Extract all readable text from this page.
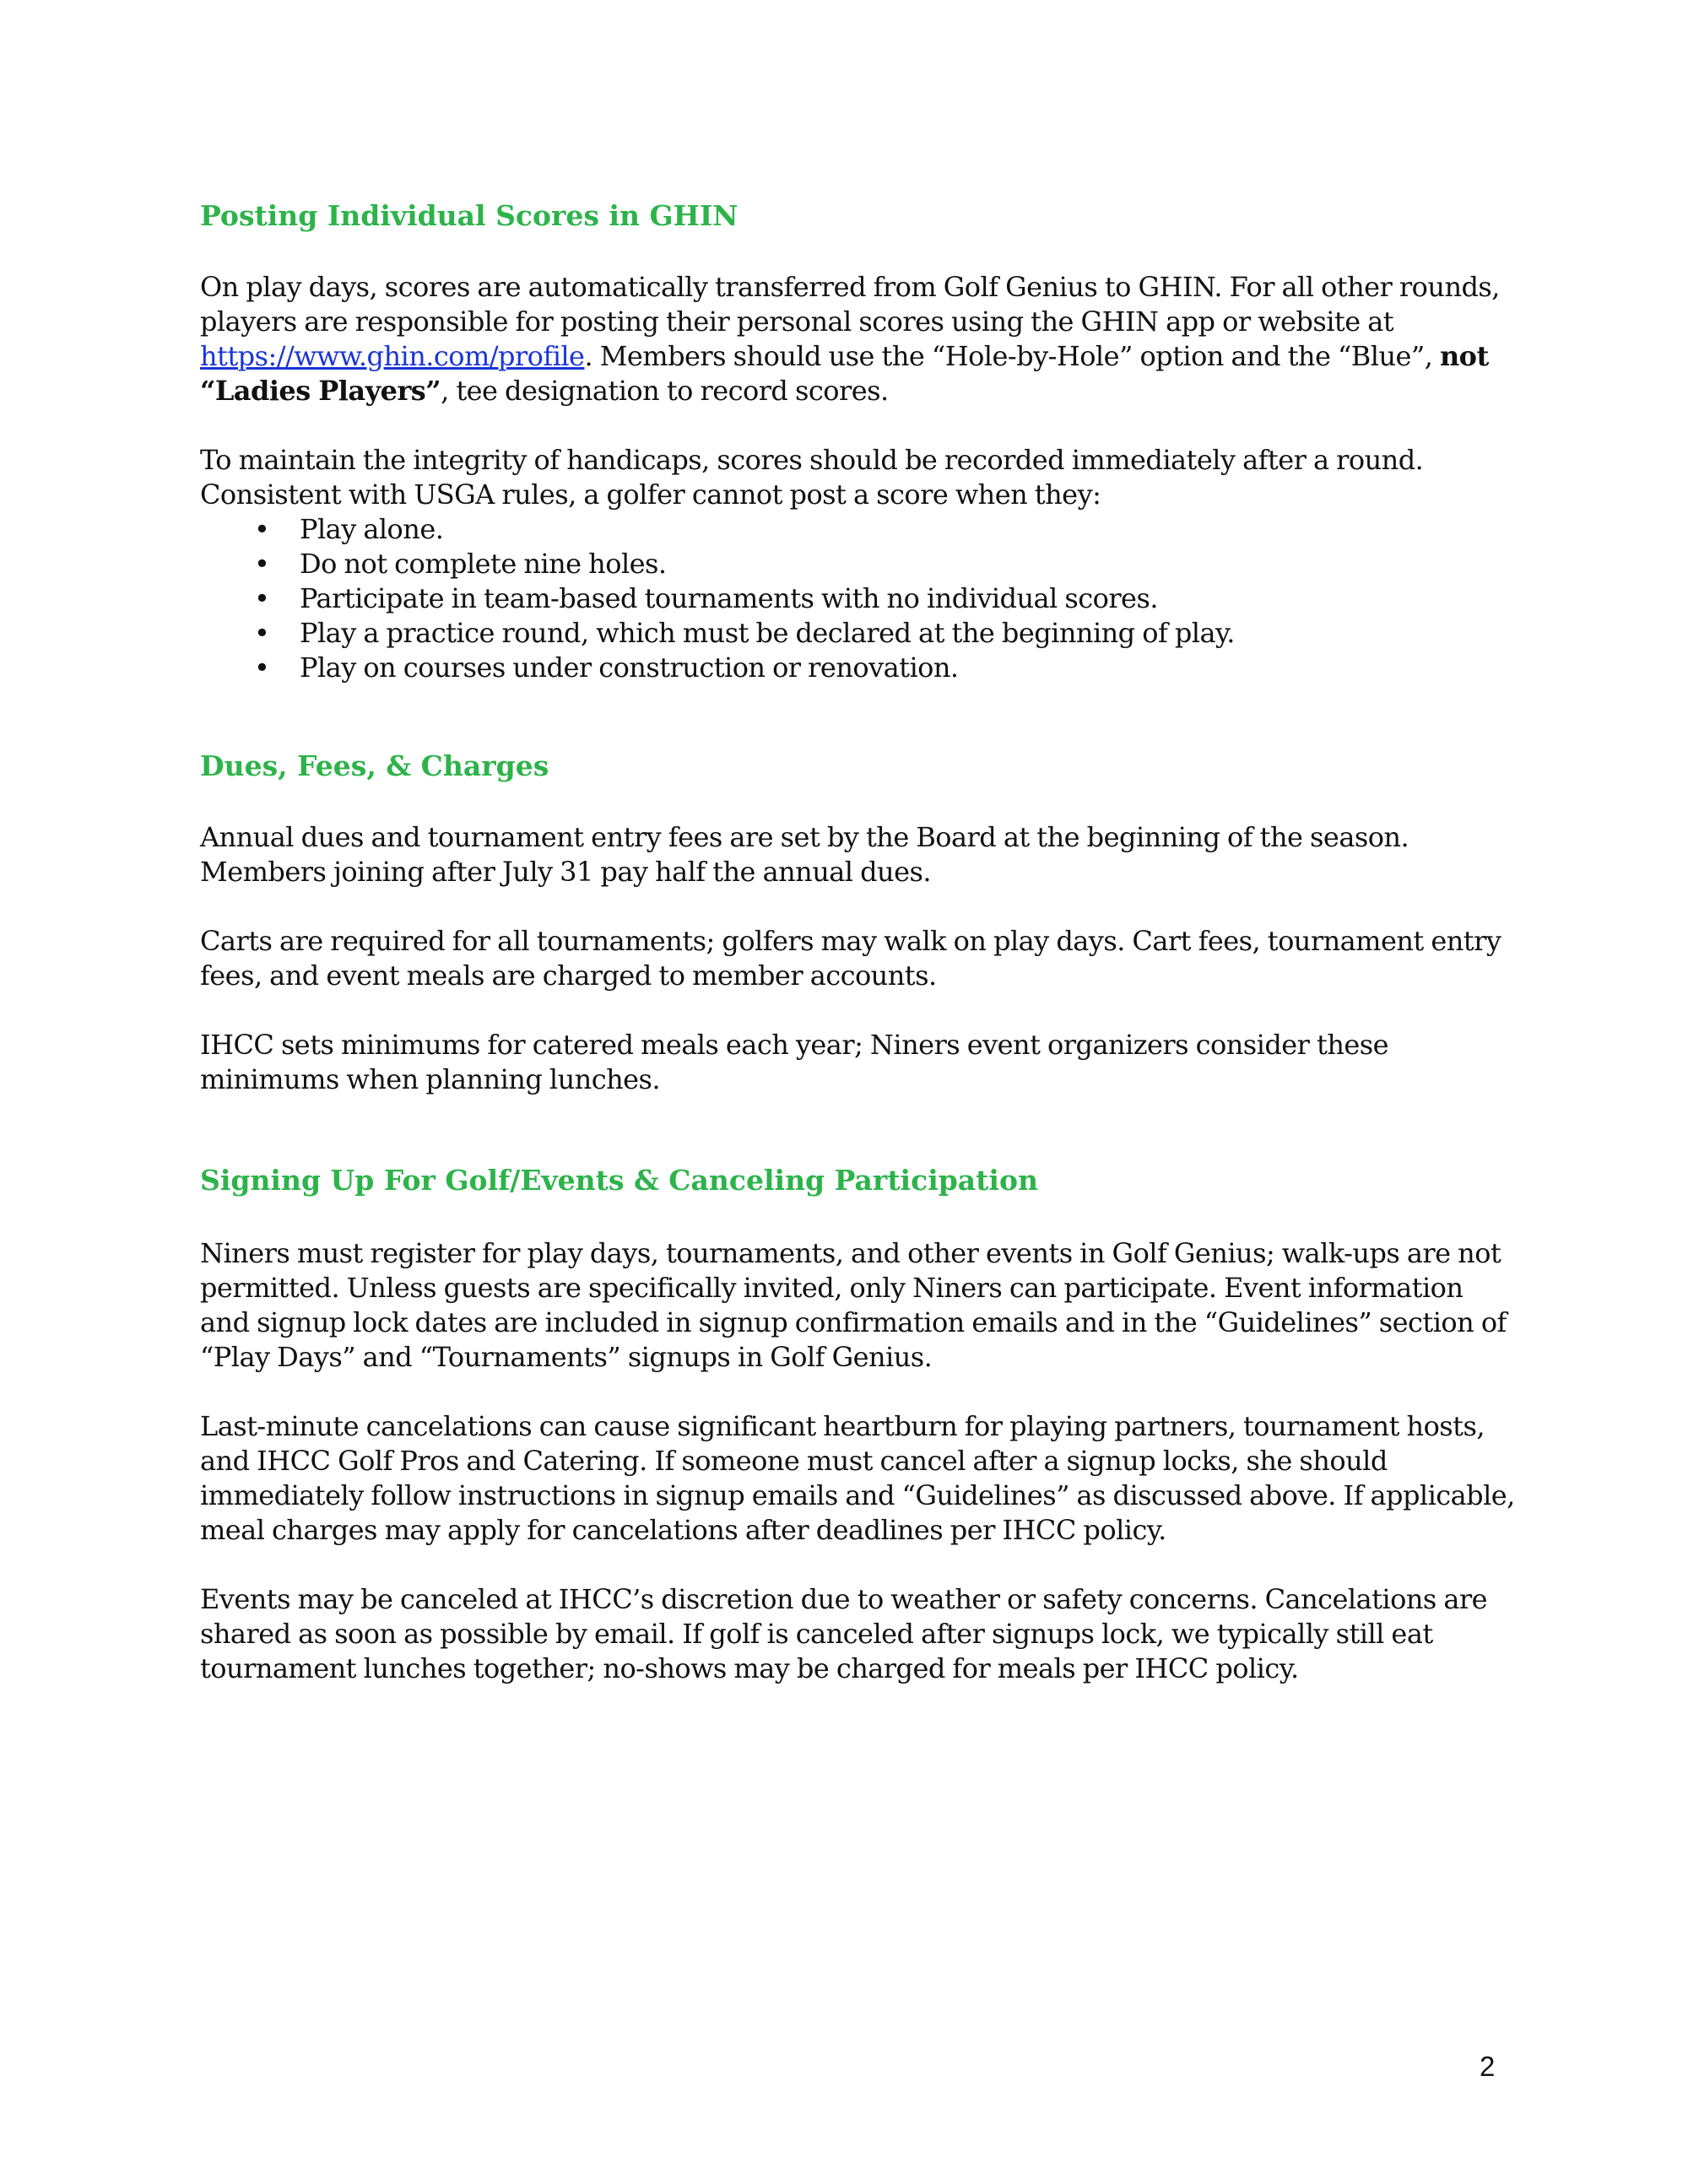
Posting Individual Scores in GHIN

On play days, scores are automatically transferred from Golf Genius to GHIN. For all other rounds, players are responsible for posting their personal scores using the GHIN app or website at https://www.ghin.com/profile. Members should use the “Hole-by-Hole” option and the “Blue”, not “Ladies Players”, tee designation to record scores.

To maintain the integrity of handicaps, scores should be recorded immediately after a round. Consistent with USGA rules, a golfer cannot post a score when they:

• Play alone.
• Do not complete nine holes.
• Participate in team-based tournaments with no individual scores.
• Play a practice round, which must be declared at the beginning of play.
• Play on courses under construction or renovation.
Dues, Fees, & Charges

Annual dues and tournament entry fees are set by the Board at the beginning of the season. Members joining after July 31 pay half the annual dues.

Carts are required for all tournaments; golfers may walk on play days. Cart fees, tournament entry fees, and event meals are charged to member accounts.

IHCC sets minimums for catered meals each year; Niners event organizers consider these minimums when planning lunches.

Signing Up For Golf/Events & Canceling Participation

Niners must register for play days, tournaments, and other events in Golf Genius; walk-ups are not permitted. Unless guests are specifically invited, only Niners can participate. Event information and signup lock dates are included in signup confirmation emails and in the “Guidelines” section of “Play Days” and “Tournaments” signups in Golf Genius.

Last-minute cancelations can cause significant heartburn for playing partners, tournament hosts, and IHCC Golf Pros and Catering. If someone must cancel after a signup locks, she should immediately follow instructions in signup emails and “Guidelines” as discussed above. If applicable, meal charges may apply for cancelations after deadlines per IHCC policy.

Events may be canceled at IHCC’s discretion due to weather or safety concerns. Cancelations are shared as soon as possible by email. If golf is canceled after signups lock, we typically still eat tournament lunches together; no-shows may be charged for meals per IHCC policy.

2
